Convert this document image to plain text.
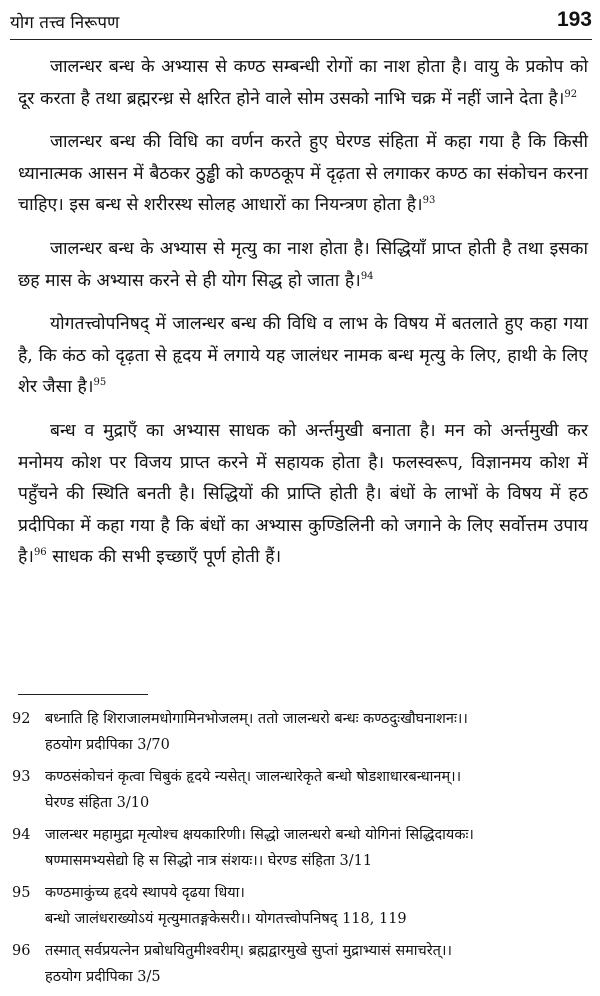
योग तत्त्व निरूपण	193

जालन्धर बन्ध के अभ्यास से कण्ठ सम्बन्धी रोगों का नाश होता है। वायु के प्रकोप को दूर करता है तथा ब्रह्मरन्ध्र से क्षरित होने वाले सोम उसको नाभि चक्र में नहीं जाने देता है।$^{92}$

जालन्धर बन्ध की विधि का वर्णन करते हुए घेरण्ड संहिता में कहा गया है कि किसी ध्यानात्मक आसन में बैठकर ठुड्ढी को कण्ठकूप में दृढ़ता से लगाकर कण्ठ का संकोचन करना चाहिए। इस बन्ध से शरीरस्थ सोलह आधारों का नियन्त्रण होता है।$^{93}$

जालन्धर बन्ध के अभ्यास से मृत्यु का नाश होता है। सिद्धियाँ प्राप्त होती है तथा इसका छह मास के अभ्यास करने से ही योग सिद्ध हो जाता है।$^{94}$

योगतत्त्वोपनिषद् में जालन्धर बन्ध की विधि व लाभ के विषय में बतलाते हुए कहा गया है, कि कंठ को दृढ़ता से हृदय में लगाये यह जालंधर नामक बन्ध मृत्यु के लिए, हाथी के लिए शेर जैसा है।$^{95}$

बन्ध व मुद्राएँ का अभ्यास साधक को अर्न्तमुखी बनाता है। मन को अर्न्तमुखी कर मनोमय कोश पर विजय प्राप्त करने में सहायक होता है। फलस्वरूप, विज्ञानमय कोश में पहुँचने की स्थिति बनती है। सिद्धियों की प्राप्ति होती है। बंधों के लाभों के विषय में हठ प्रदीपिका में कहा गया है कि बंधों का अभ्यास कुण्डिलिनी को जगाने के लिए सर्वोत्तम उपाय है।$^{96}$ साधक की सभी इच्छाएँ पूर्ण होती हैं।

92	बध्नाति हि शिराजालमधोगामिनभोजलम्। ततो जालन्धरो बन्धः कण्ठदुःखौघनाशनः।।
हठयोग प्रदीपिका 3/70
93	कण्ठसंकोचनं कृत्वा चिबुकं हृदये न्यसेत्। जालन्धारेकृते बन्धो षोडशाधारबन्धानम्।।
घेरण्ड संहिता 3/10
94	जालन्धर महामुद्रा मृत्योश्च क्षयकारिणी। सिद्धो जालन्धरो बन्धो योगिनां सिद्धिदायकः।
षण्मासमभ्यसेद्यो हि स सिद्धो नात्र संशयः।। घेरण्ड संहिता 3/11
95	कण्ठमाकुंच्य हृदये स्थापये दृढया धिया।
बन्धो जालंधराख्योऽयं मृत्युमातङ्गकेसरी।। योगतत्त्वोपनिषद् 118, 119
96	तस्मात् सर्वप्रयत्नेन प्रबोधयितुमीश्वरीम्। ब्रह्मद्वारमुखे सुप्तां मुद्राभ्यासं समाचरेत्।।
हठयोग प्रदीपिका 3/5
